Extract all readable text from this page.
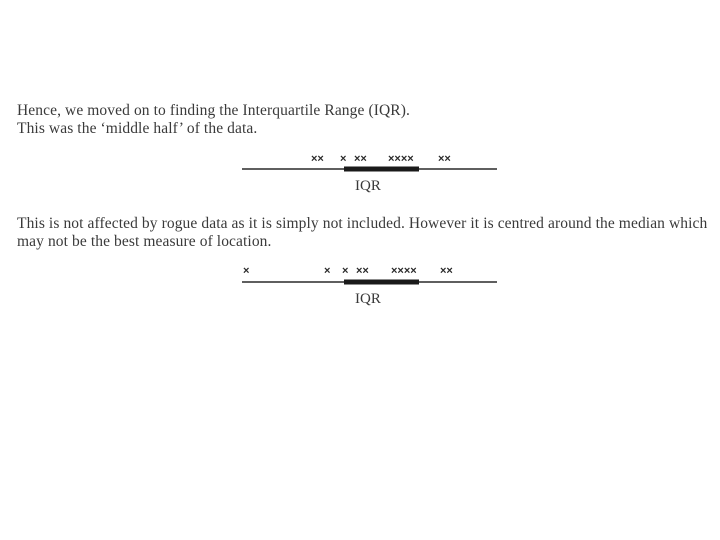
Hence, we moved on to finding the Interquartile Range (IQR).
This was the ‘middle half’ of the data.
×× × ×× ×××× ××
IQR
This is not affected by rogue data as it is simply not included. However it is centred around the median which
may not be the best measure of location.
×	× × ×× ×××× ××
IQR
